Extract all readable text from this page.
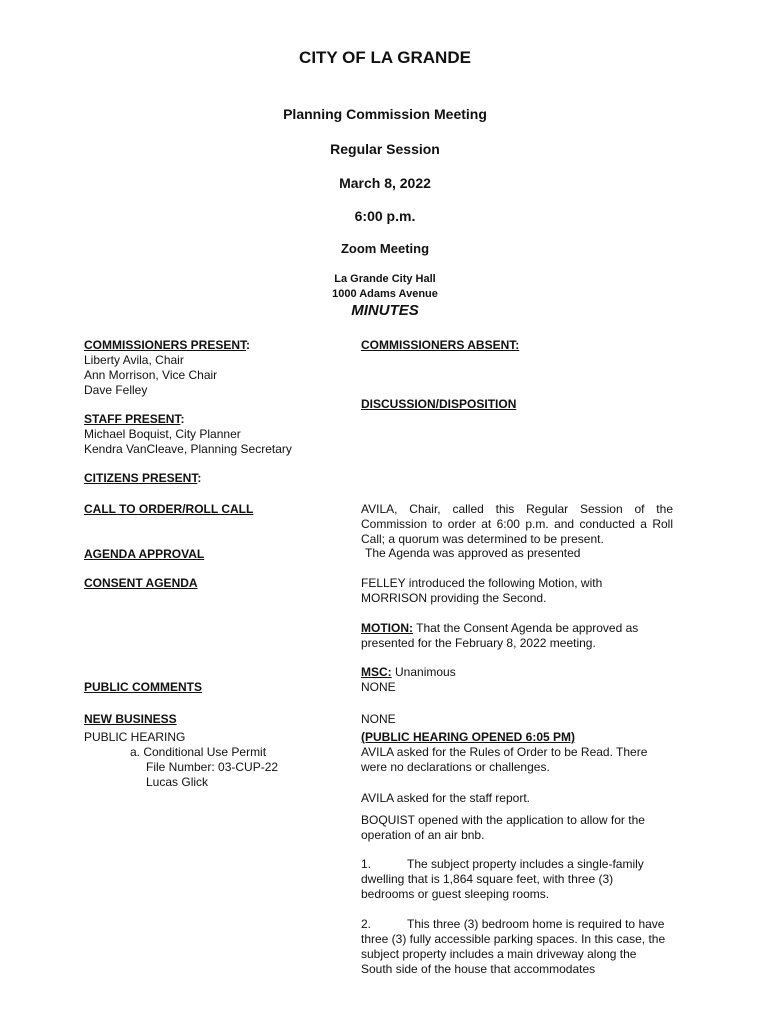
CITY OF LA GRANDE
Planning Commission Meeting
Regular Session
March 8, 2022
6:00 p.m.
Zoom Meeting
La Grande City Hall
1000 Adams Avenue
MINUTES
COMMISSIONERS PRESENT:
Liberty Avila, Chair
Ann Morrison, Vice Chair
Dave Felley
COMMISSIONERS ABSENT:
DISCUSSION/DISPOSITION
STAFF PRESENT:
Michael Boquist, City Planner
Kendra VanCleave, Planning Secretary
CITIZENS PRESENT:
CALL TO ORDER/ROLL CALL	AVILA, Chair, called this Regular Session of the Commission to order at 6:00 p.m. and conducted a Roll Call; a quorum was determined to be present.
AGENDA APPROVAL	The Agenda was approved as presented
CONSENT AGENDA	FELLEY introduced the following Motion, with MORRISON providing the Second.
MOTION: That the Consent Agenda be approved as presented for the February 8, 2022 meeting.
MSC: Unanimous
PUBLIC COMMENTS	NONE
NEW BUSINESS	NONE
PUBLIC HEARING
a. Conditional Use Permit
File Number: 03-CUP-22
Lucas Glick
(PUBLIC HEARING OPENED 6:05 PM)
AVILA asked for the Rules of Order to be Read. There were no declarations or challenges.
AVILA asked for the staff report.
BOQUIST opened with the application to allow for the operation of an air bnb.
1.	The subject property includes a single-family dwelling that is 1,864 square feet, with three (3) bedrooms or guest sleeping rooms.
2.	This three (3) bedroom home is required to have three (3) fully accessible parking spaces. In this case, the subject property includes a main driveway along the South side of the house that accommodates
